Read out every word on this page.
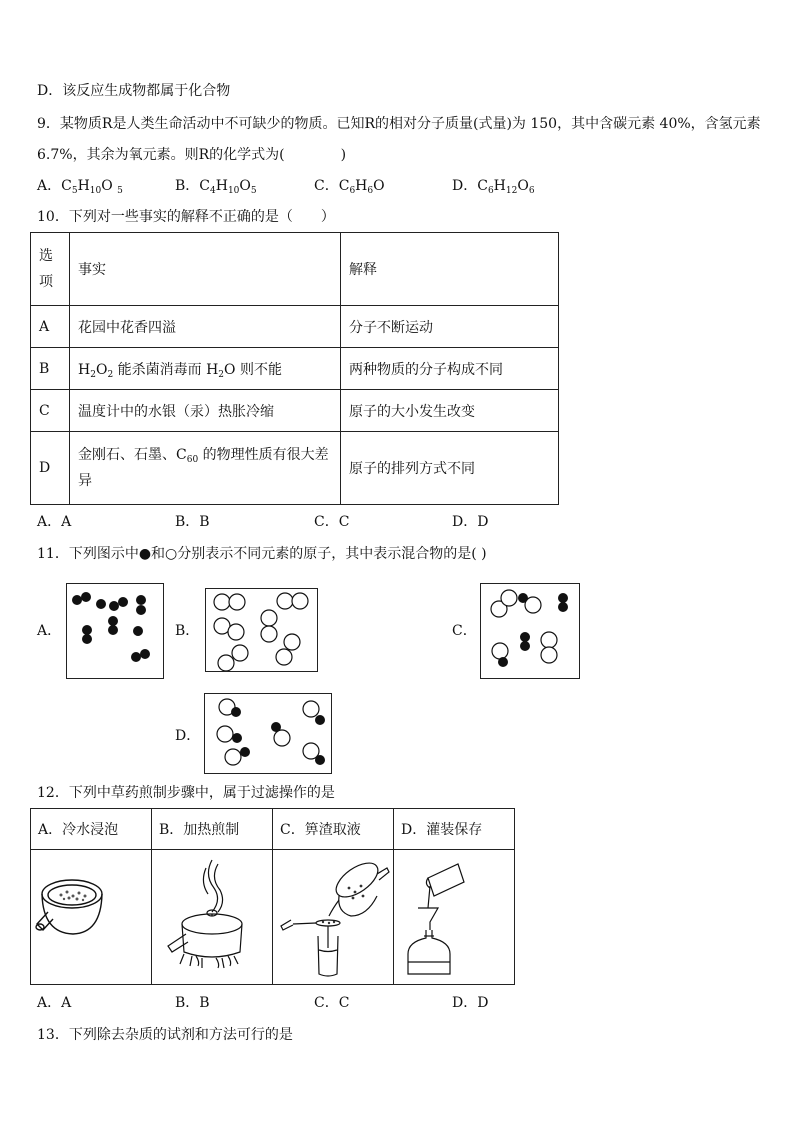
D．该反应生成物都属于化合物
9．某物质R是人类生命活动中不可缺少的物质。已知R的相对分子质量(式量)为 150，其中含碳元素 40%，含氢元素
6.7%，其余为氧元素。则R的化学式为(　　　　)
A．$C_5H_{10}O$ $_5$	B．$C_4H_{10}O_5$	C．$C_6H_6O$	D．$C_6H_{12}O_6$
10．下列对一些事实的解释不正确的是（　　）
选
项	事实	解释
A	花园中花香四溢	分子不断运动
B	$H_2O_2$ 能杀菌消毒而 $H_2O$ 则不能	两种物质的分子构成不同
C	温度计中的水银（汞）热胀冷缩	原子的大小发生改变
D	金刚石、石墨、$C_{60}$ 的物理性质有很大差
异	原子的排列方式不同
A．A	B．B	C．C	D．D
11．下列图示中●和○分别表示不同元素的原子，其中表示混合物的是( )
A．	B．	C．
D．
12．下列中草药煎制步骤中，属于过滤操作的是
A．冷水浸泡	B．加热煎制	C．箅渣取液	D．灌装保存

A．A	B．B	C．C	D．D
13．下列除去杂质的试剂和方法可行的是
